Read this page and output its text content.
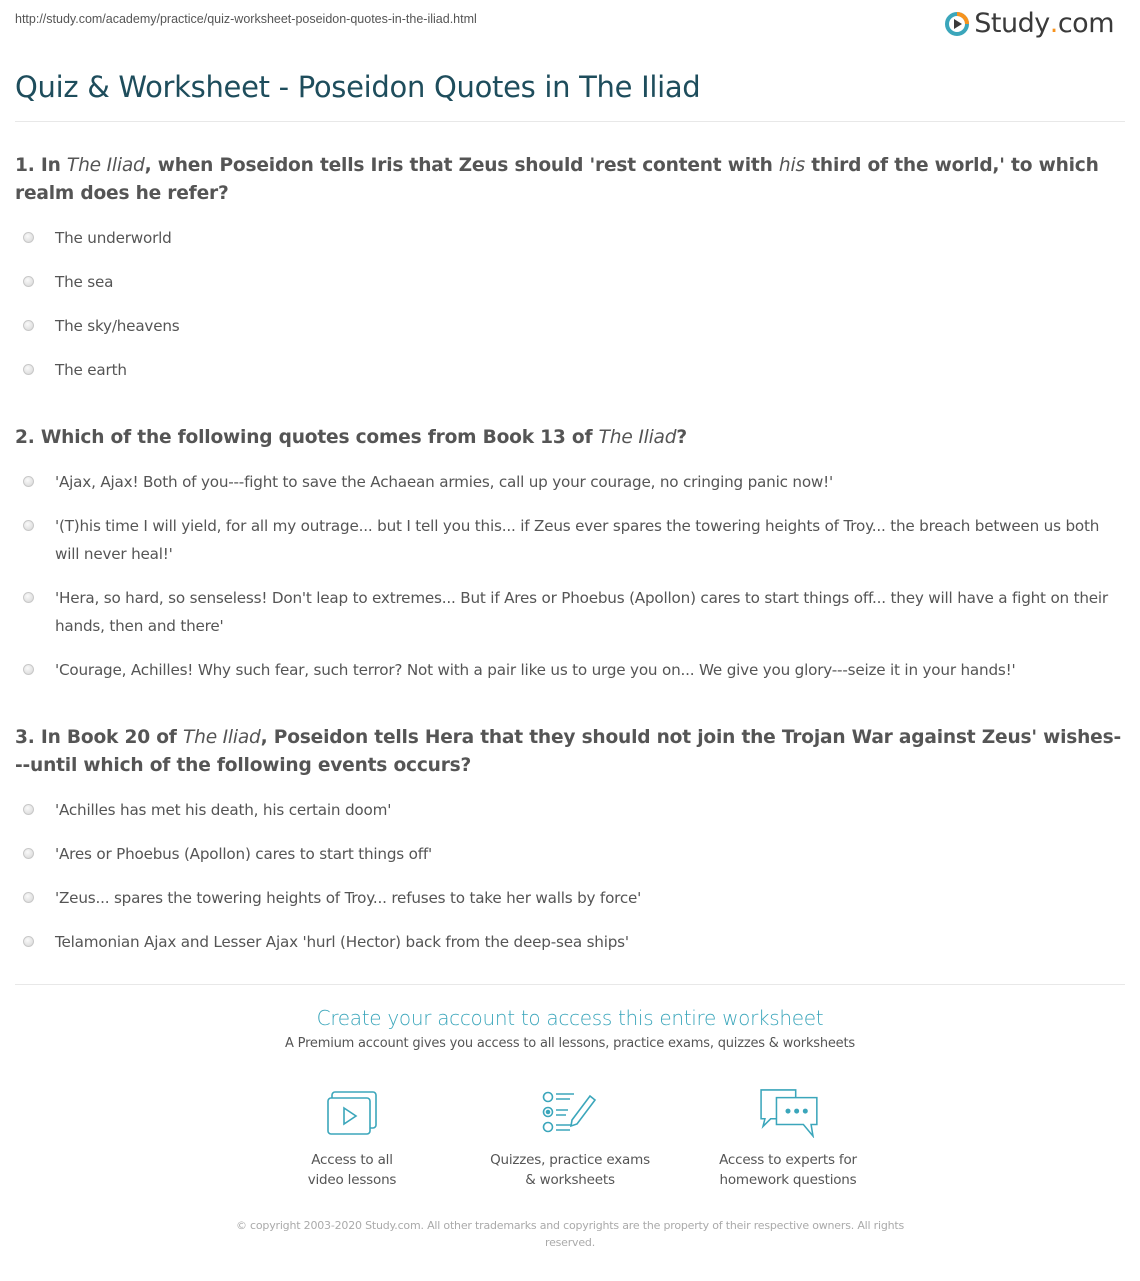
http://study.com/academy/practice/quiz-worksheet-poseidon-quotes-in-the-iliad.html	Study . com
Quiz & Worksheet - Poseidon Quotes in The Iliad
1. In The Iliad, when Poseidon tells Iris that Zeus should 'rest content with his third of the world,' to which realm does he refer?
The underworld
The sea
The sky/heavens
The earth
2. Which of the following quotes comes from Book 13 of The Iliad?
'Ajax, Ajax! Both of you---fight to save the Achaean armies, call up your courage, no cringing panic now!'
'(T)his time I will yield, for all my outrage... but I tell you this... if Zeus ever spares the towering heights of Troy... the breach between us both will never heal!'
'Hera, so hard, so senseless! Don't leap to extremes... But if Ares or Phoebus (Apollon) cares to start things off... they will have a fight on their hands, then and there'
'Courage, Achilles! Why such fear, such terror? Not with a pair like us to urge you on... We give you glory---seize it in your hands!'
3. In Book 20 of The Iliad, Poseidon tells Hera that they should not join the Trojan War against Zeus' wishes---until which of the following events occurs?
'Achilles has met his death, his certain doom'
'Ares or Phoebus (Apollon) cares to start things off'
'Zeus... spares the towering heights of Troy... refuses to take her walls by force'
Telamonian Ajax and Lesser Ajax 'hurl (Hector) back from the deep-sea ships'
Create your account to access this entire worksheet
A Premium account gives you access to all lessons, practice exams, quizzes & worksheets
Access to all
video lessons
Quizzes, practice exams
& worksheets
Access to experts for
homework questions
© copyright 2003-2020 Study.com. All other trademarks and copyrights are the property of their respective owners. All rights reserved.
